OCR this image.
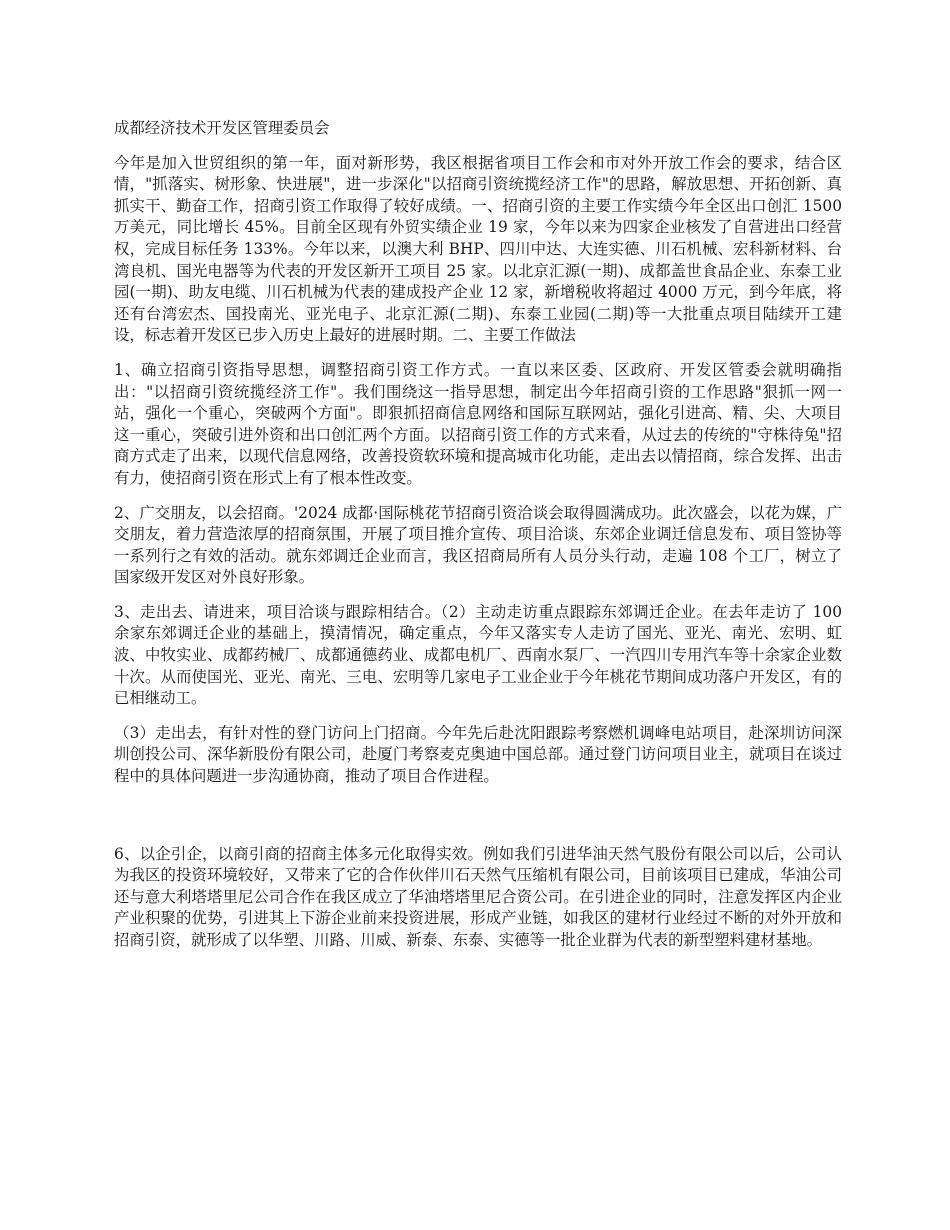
成都经济技术开发区管理委员会

今年是加入世贸组织的第一年，面对新形势，我区根据省项目工作会和市对外开放工作会的要求，结合区情，"抓落实、树形象、快进展"，进一步深化"以招商引资统揽经济工作"的思路，解放思想、开拓创新、真抓实干、勤奋工作，招商引资工作取得了较好成绩。一、招商引资的主要工作实绩今年全区出口创汇 1500 万美元，同比增长 45%。目前全区现有外贸实绩企业 19 家，今年以来为四家企业核发了自营进出口经营权，完成目标任务 133%。今年以来，以澳大利 BHP、四川中达、大连实德、川石机械、宏科新材料、台湾良机、国光电器等为代表的开发区新开工项目 25 家。以北京汇源(一期)、成都盖世食品企业、东泰工业园(一期)、助友电缆、川石机械为代表的建成投产企业 12 家，新增税收将超过 4000 万元，到今年底，将还有台湾宏杰、国投南光、亚光电子、北京汇源(二期)、东泰工业园(二期)等一大批重点项目陆续开工建设，标志着开发区已步入历史上最好的进展时期。二、主要工作做法

1、确立招商引资指导思想，调整招商引资工作方式。一直以来区委、区政府、开发区管委会就明确指出："以招商引资统揽经济工作"。我们围绕这一指导思想，制定出今年招商引资的工作思路"狠抓一网一站，强化一个重心，突破两个方面"。即狠抓招商信息网络和国际互联网站，强化引进高、精、尖、大项目这一重心，突破引进外资和出口创汇两个方面。以招商引资工作的方式来看，从过去的传统的"守株待兔"招商方式走了出来，以现代信息网络，改善投资软环境和提高城市化功能，走出去以情招商，综合发挥、出击有力，使招商引资在形式上有了根本性改变。

2、广交朋友，以会招商。'2024 成都·国际桃花节招商引资洽谈会取得圆满成功。此次盛会，以花为媒，广交朋友，着力营造浓厚的招商氛围，开展了项目推介宣传、项目洽谈、东郊企业调迁信息发布、项目签协等一系列行之有效的活动。就东郊调迁企业而言，我区招商局所有人员分头行动，走遍 108 个工厂，树立了国家级开发区对外良好形象。

3、走出去、请进来，项目洽谈与跟踪相结合。（2）主动走访重点跟踪东郊调迁企业。在去年走访了 100 余家东郊调迁企业的基础上，摸清情况，确定重点，今年又落实专人走访了国光、亚光、南光、宏明、虹波、中牧实业、成都药械厂、成都通德药业、成都电机厂、西南水泵厂、一汽四川专用汽车等十余家企业数十次。从而使国光、亚光、南光、三电、宏明等几家电子工业企业于今年桃花节期间成功落户开发区，有的已相继动工。

（3）走出去，有针对性的登门访问上门招商。今年先后赴沈阳跟踪考察燃机调峰电站项目，赴深圳访问深圳创投公司、深华新股份有限公司，赴厦门考察麦克奥迪中国总部。通过登门访问项目业主，就项目在谈过程中的具体问题进一步沟通协商，推动了项目合作进程。

6、以企引企，以商引商的招商主体多元化取得实效。例如我们引进华油天然气股份有限公司以后，公司认为我区的投资环境较好，又带来了它的合作伙伴川石天然气压缩机有限公司，目前该项目已建成，华油公司还与意大利塔塔里尼公司合作在我区成立了华油塔塔里尼合资公司。在引进企业的同时，注意发挥区内企业产业积聚的优势，引进其上下游企业前来投资进展，形成产业链，如我区的建材行业经过不断的对外开放和招商引资，就形成了以华塑、川路、川威、新泰、东泰、实德等一批企业群为代表的新型塑料建材基地。
